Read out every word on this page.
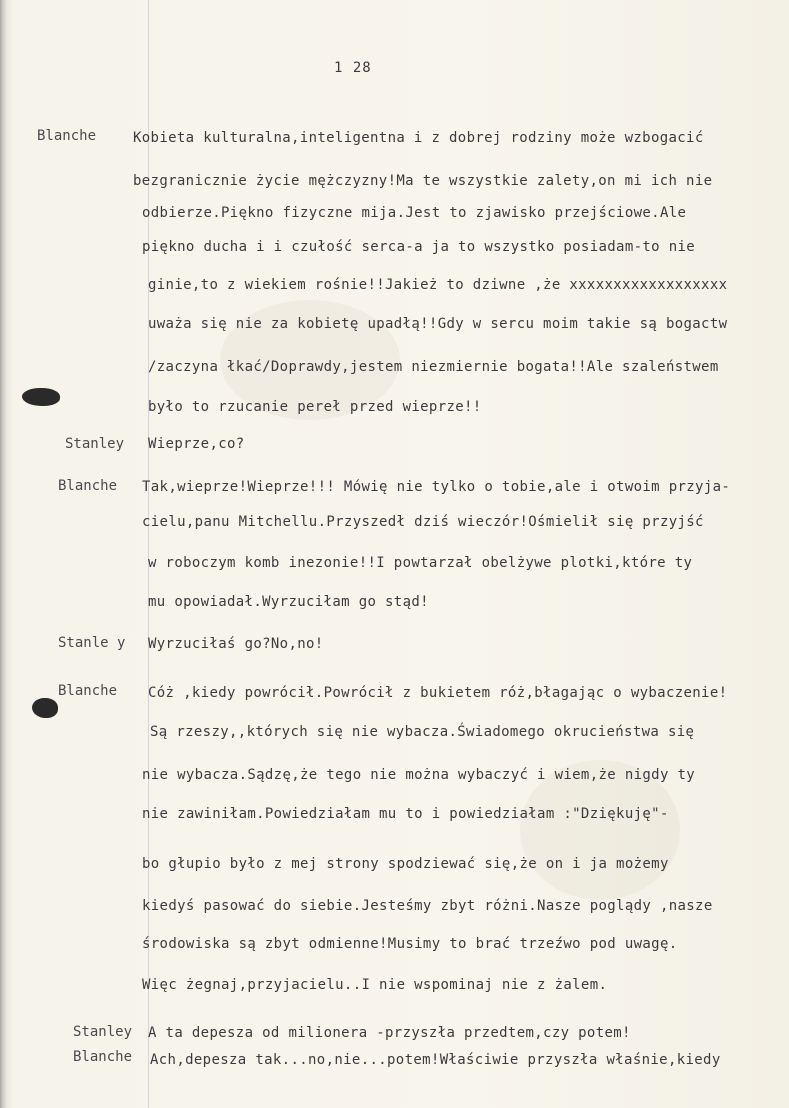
1 28
Blanche	Kobieta kulturalna,inteligentna i z dobrej rodziny może wzbogacić
bezgranicznie życie mężczyzny!Ma te wszystkie zalety,on mi ich nie
odbierze.Piękno fizyczne mija.Jest to zjawisko przejściowe.Ale
piękno ducha i i czułość serca-a ja to wszystko posiadam-to nie
ginie,to z wiekiem rośnie!!Jakież to dziwne ,że xxxxxxxxxxxxxxxxxx
uważa się nie za kobietę upadłą!!Gdy w sercu moim takie są bogactw
/zaczyna łkać/Doprawdy,jestem niezmiernie bogata!!Ale szaleństwem
było to rzucanie pereł przed wieprze!!
Stanley Wieprze,co?
Blanche Tak,wieprze!Wieprze!!! Mówię nie tylko o tobie,ale i otwoim przyja-
cielu,panu Mitchellu.Przyszedł dziś wieczór!Ośmielił się przyjść
w roboczym komb inezonie!!I powtarzał obelżywe plotki,które ty
mu opowiadał.Wyrzuciłam go stąd!
Stanle y Wyrzuciłaś go?No,no!
Blanche Cóż ,kiedy powrócił.Powrócił z bukietem róż,błagając o wybaczenie!
Są rzeszy,,których się nie wybacza.Świadomego okrucieństwa się
nie wybacza.Sądzę,że tego nie można wybaczyć i wiem,że nigdy ty
nie zawiniłam.Powiedziałam mu to i powiedziałam :"Dziękuję"-
bo głupio było z mej strony spodziewać się,że on i ja możemy
kiedyś pasować do siebie.Jesteśmy zbyt różni.Nasze poglądy ,nasze
środowiska są zbyt odmienne!Musimy to brać trzeźwo pod uwagę.
Więc żegnaj,przyjacielu..I nie wspominaj nie z żalem.
Stanley A ta depesza od milionera -przyszła przedtem,czy potem!
Blanche Ach,depesza tak...no,nie...potem!Właściwie przyszła właśnie,kiedy
